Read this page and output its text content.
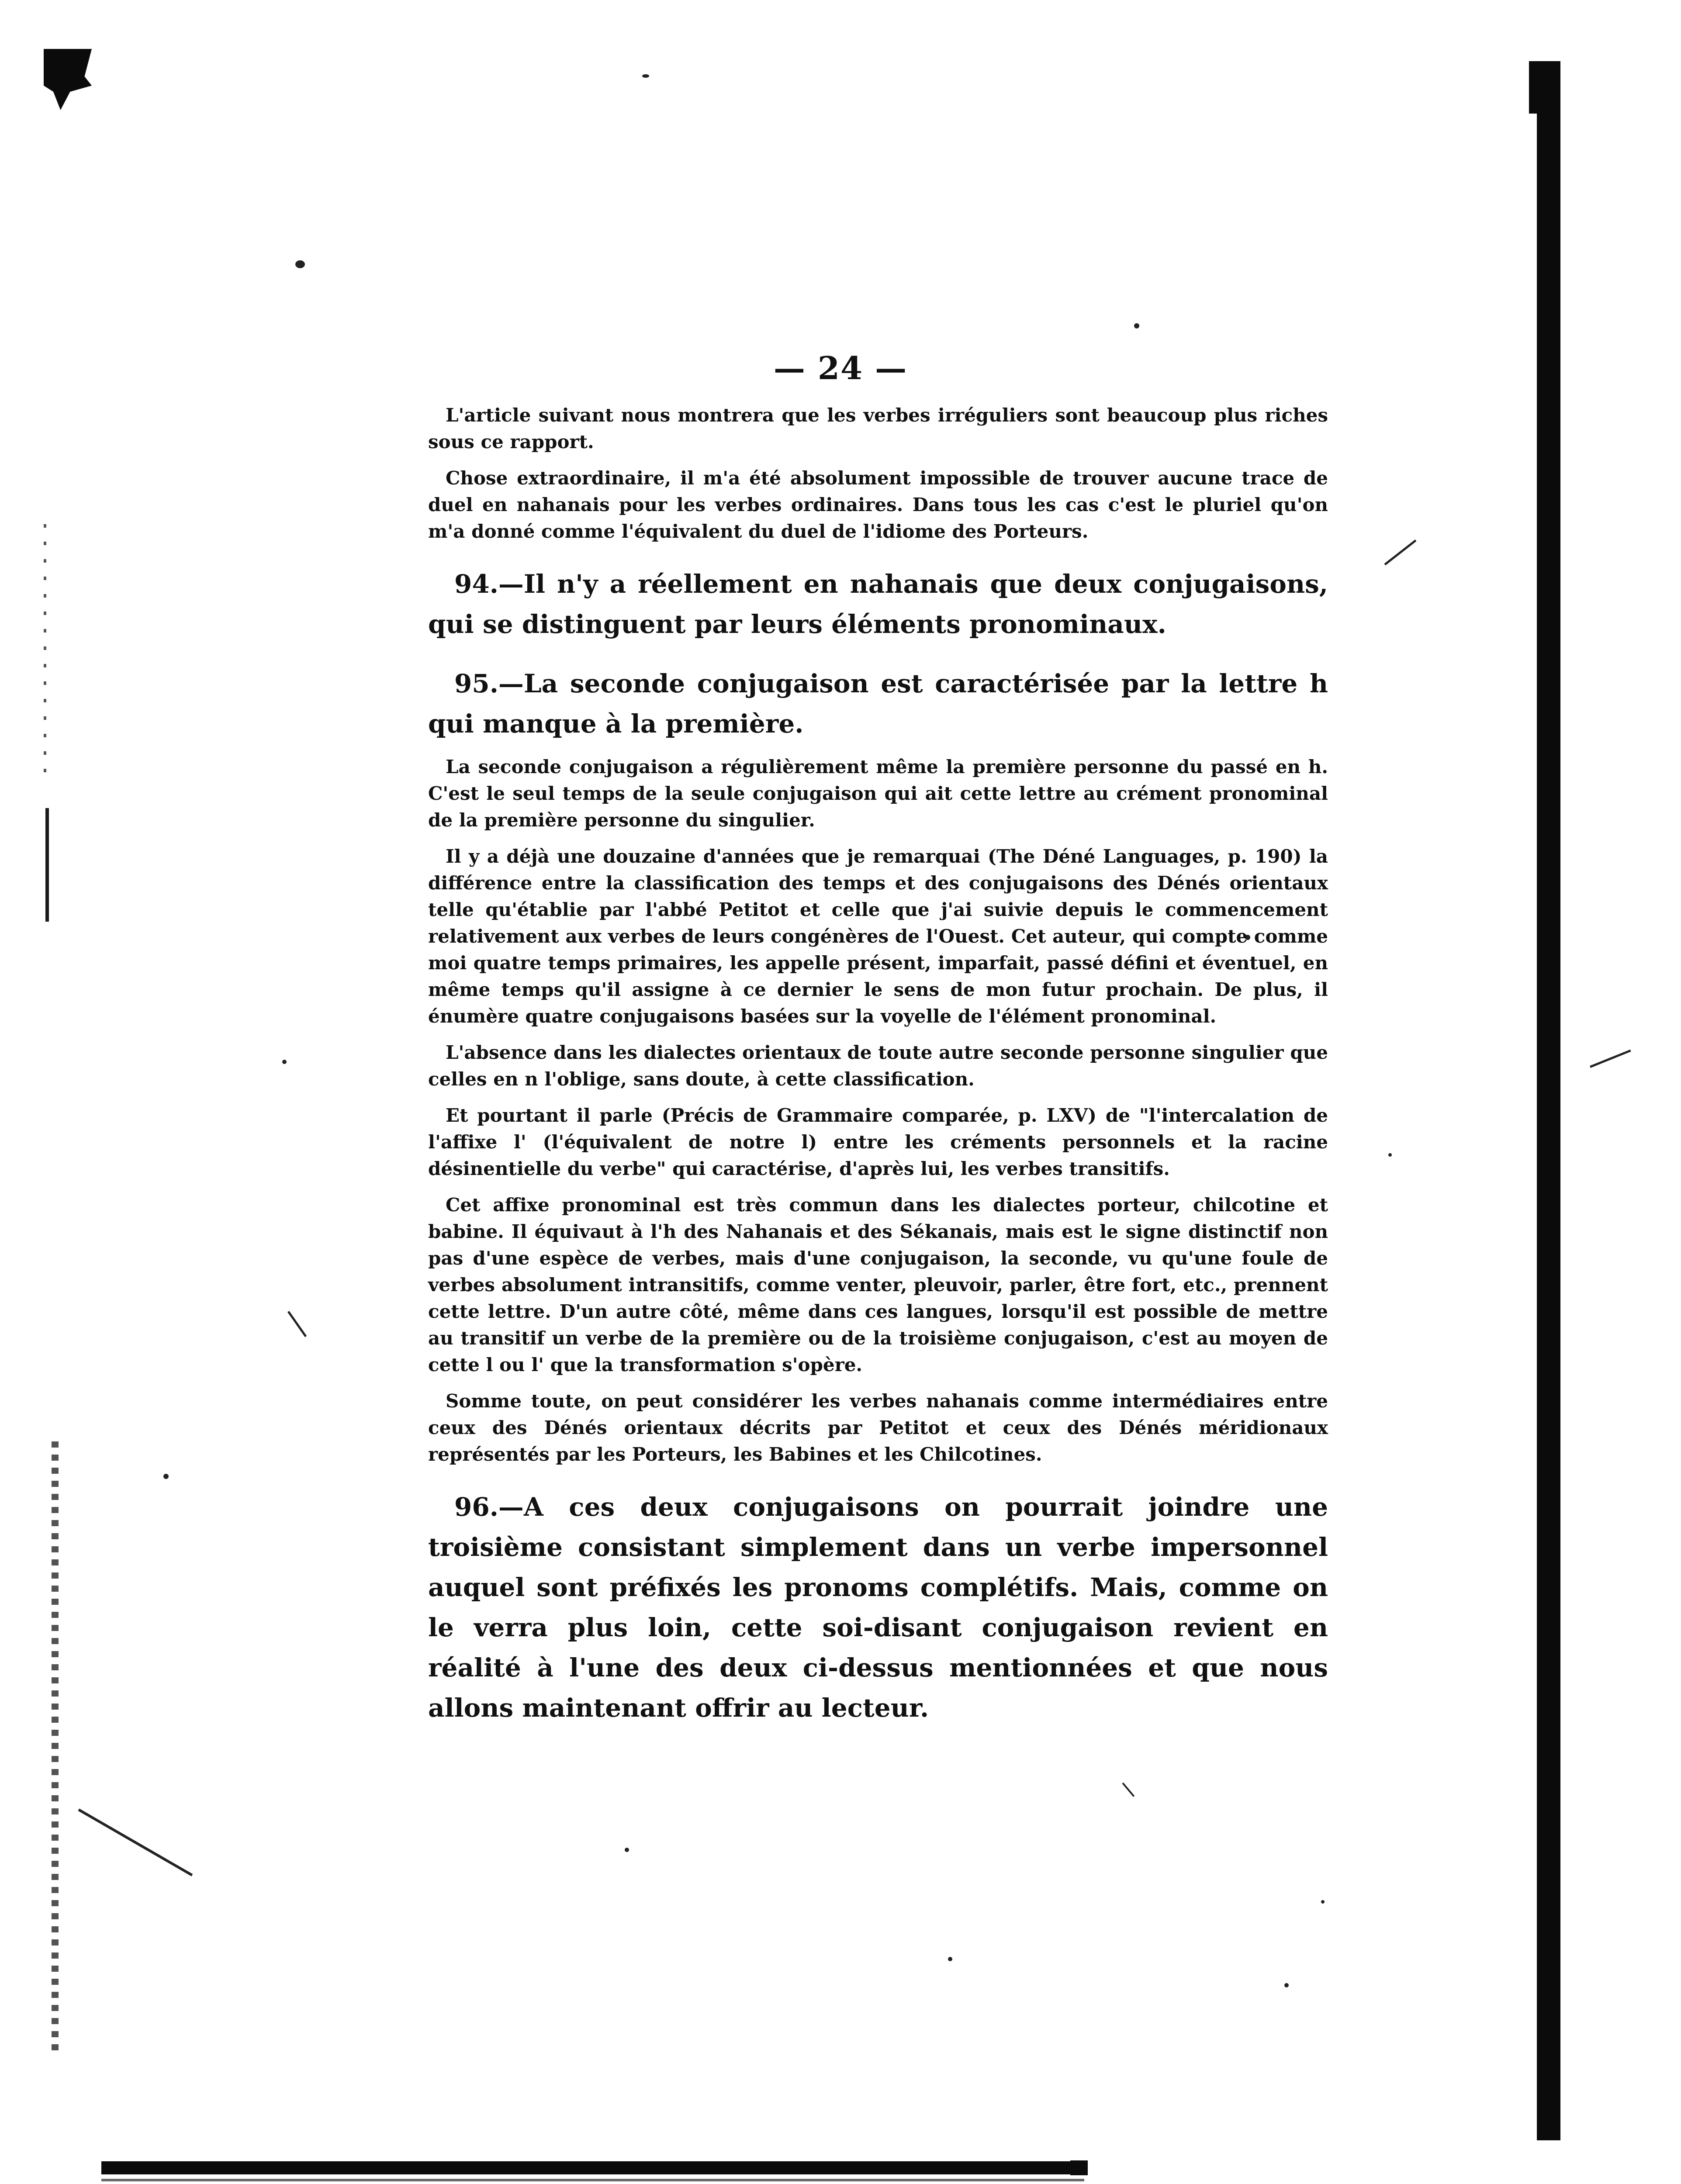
— 24 —

L'article suivant nous montrera que les verbes irréguliers sont beaucoup plus riches sous ce rapport.

Chose extraordinaire, il m'a été absolument impossible de trouver aucune trace de duel en nahanais pour les verbes ordinaires. Dans tous les cas c'est le pluriel qu'on m'a donné comme l'équivalent du duel de l'idiome des Porteurs.

94.—Il n'y a réellement en nahanais que deux conjugaisons, qui se distinguent par leurs éléments pronominaux.

95.—La seconde conjugaison est caractérisée par la lettre h qui manque à la première.

La seconde conjugaison a régulièrement même la première personne du passé en h. C'est le seul temps de la seule conjugaison qui ait cette lettre au crément pronominal de la première personne du singulier.

Il y a déjà une douzaine d'années que je remarquai (The Déné Languages, p. 190) la différence entre la classification des temps et des conjugaisons des Dénés orientaux telle qu'établie par l'abbé Petitot et celle que j'ai suivie depuis le commencement relativement aux verbes de leurs congénères de l'Ouest. Cet auteur, qui compte comme moi quatre temps primaires, les appelle présent, imparfait, passé défini et éventuel, en même temps qu'il assigne à ce dernier le sens de mon futur prochain. De plus, il énumère quatre conjugaisons basées sur la voyelle de l'élément pronominal.

L'absence dans les dialectes orientaux de toute autre seconde personne singulier que celles en n l'oblige, sans doute, à cette classification.

Et pourtant il parle (Précis de Grammaire comparée, p. LXV) de "l'intercalation de l'affixe l' (l'équivalent de notre l) entre les créments personnels et la racine désinentielle du verbe" qui caractérise, d'après lui, les verbes transitifs.

Cet affixe pronominal est très commun dans les dialectes porteur, chilcotine et babine. Il équivaut à l'h des Nahanais et des Sékanais, mais est le signe distinctif non pas d'une espèce de verbes, mais d'une conjugaison, la seconde, vu qu'une foule de verbes absolument intransitifs, comme venter, pleuvoir, parler, être fort, etc., prennent cette lettre. D'un autre côté, même dans ces langues, lorsqu'il est possible de mettre au transitif un verbe de la première ou de la troisième conjugaison, c'est au moyen de cette l ou l' que la transformation s'opère.

Somme toute, on peut considérer les verbes nahanais comme intermédiaires entre ceux des Dénés orientaux décrits par Petitot et ceux des Dénés méridionaux représentés par les Porteurs, les Babines et les Chilcotines.

96.—A ces deux conjugaisons on pourrait joindre une troisième consistant simplement dans un verbe impersonnel auquel sont préfixés les pronoms complétifs. Mais, comme on le verra plus loin, cette soi-disant conjugaison revient en réalité à l'une des deux ci-dessus mentionnées et que nous allons maintenant offrir au lecteur.
